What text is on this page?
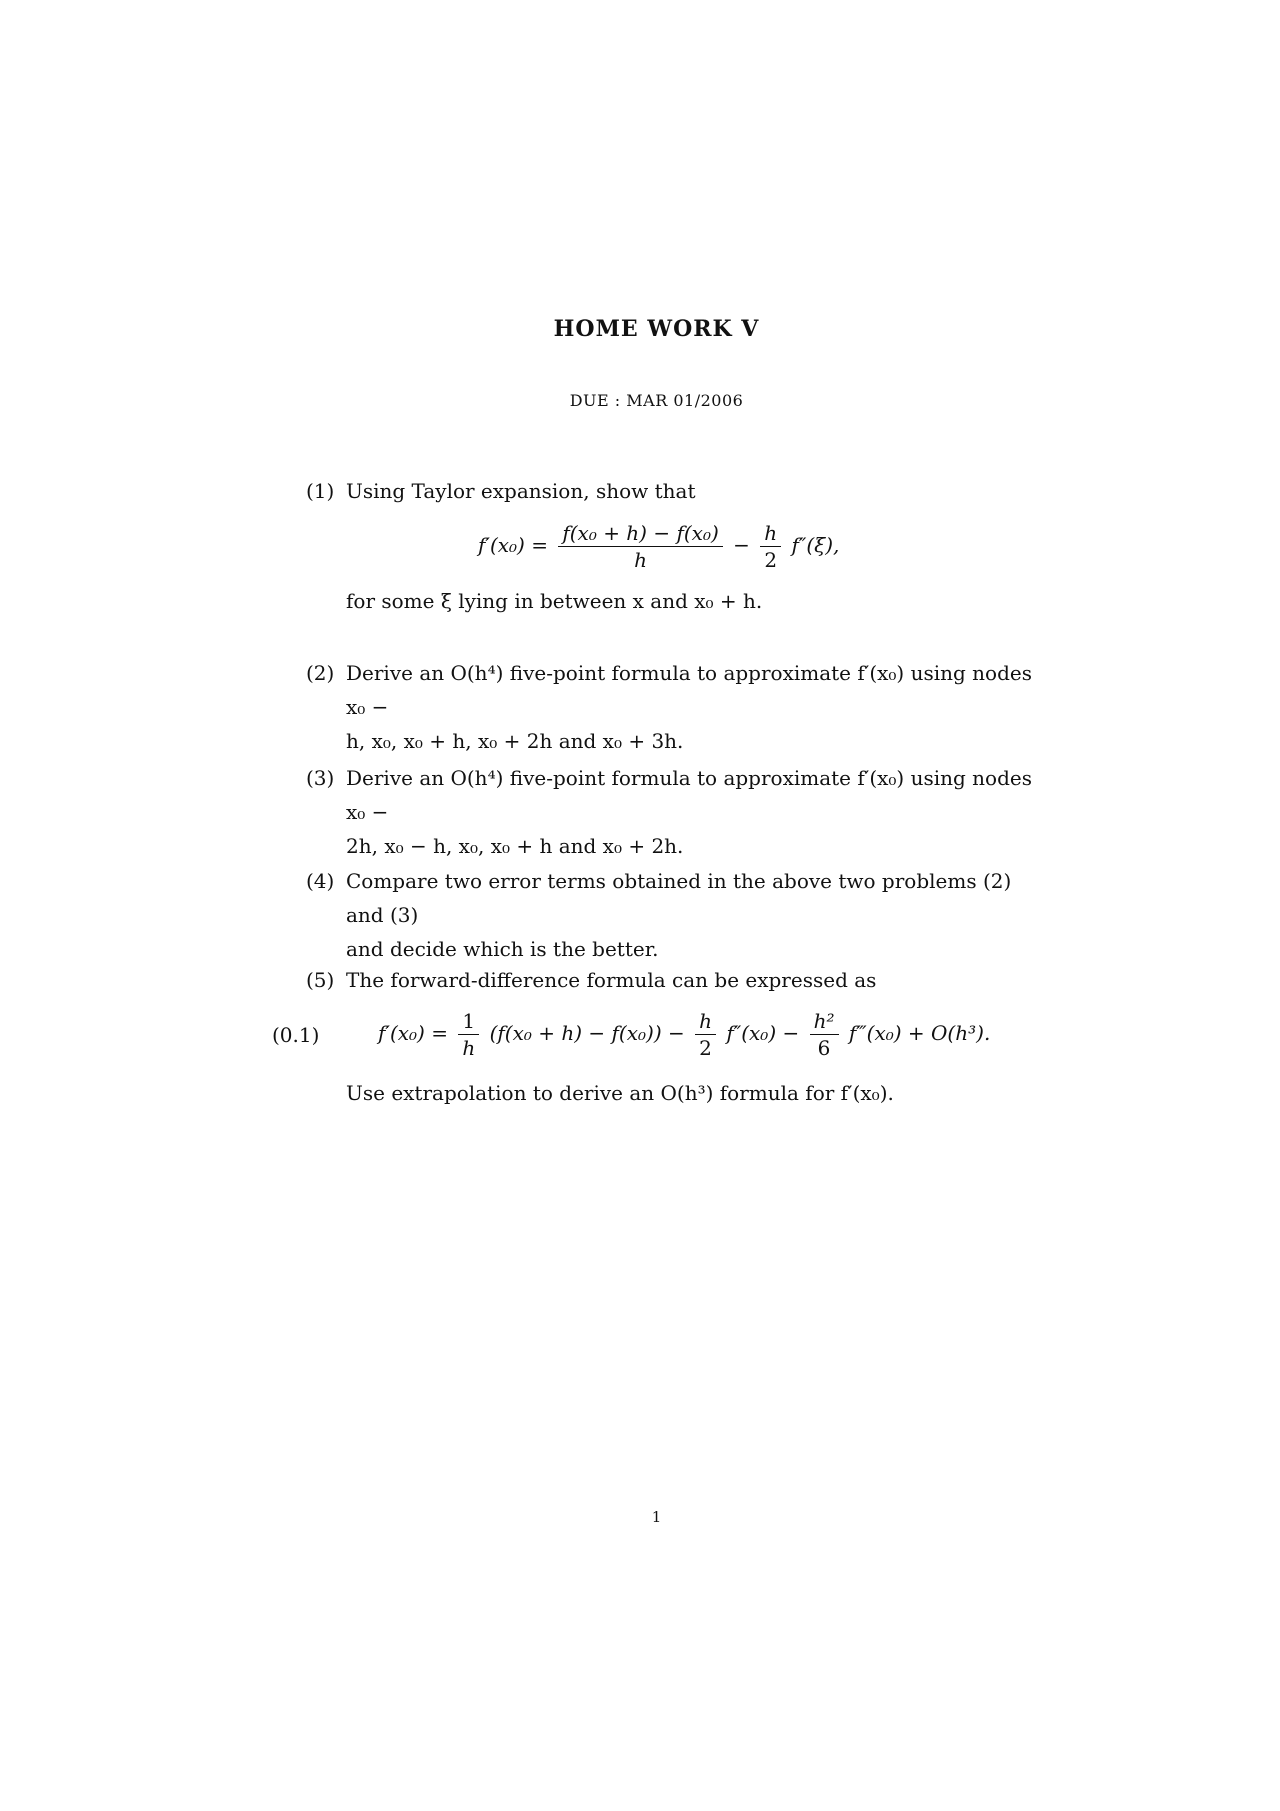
HOME WORK V
DUE : MAR 01/2006
(1) Using Taylor expansion, show that
$f'(x_0) = \frac{\text{f(x₀ + h) − f(x₀)}}{h} - \frac{h}{2} f''(\xi)$,
for some ξ lying in between x and x₀ + h.
(2) Derive an O(h⁴) five-point formula to approximate f′(x₀) using nodes x₀ −
h, x₀, x₀ + h, x₀ + 2h and x₀ + 3h.
(3) Derive an O(h⁴) five-point formula to approximate f′(x₀) using nodes x₀ −
2h, x₀ − h, x₀, x₀ + h and x₀ + 2h.
(4) Compare two error terms obtained in the above two problems (2) and (3)
and decide which is the better.
(5) The forward-difference formula can be expressed as
(0.1)	$f'(x_0) = \frac{1}{h} (f(x_0 + h) - f(x_0)) - \frac{h}{2} f''(x_0) - \frac{\text{h²}}{6}$ f‴(x₀) + O(h³).
Use extrapolation to derive an O(h³) formula for f′(x₀).
1
